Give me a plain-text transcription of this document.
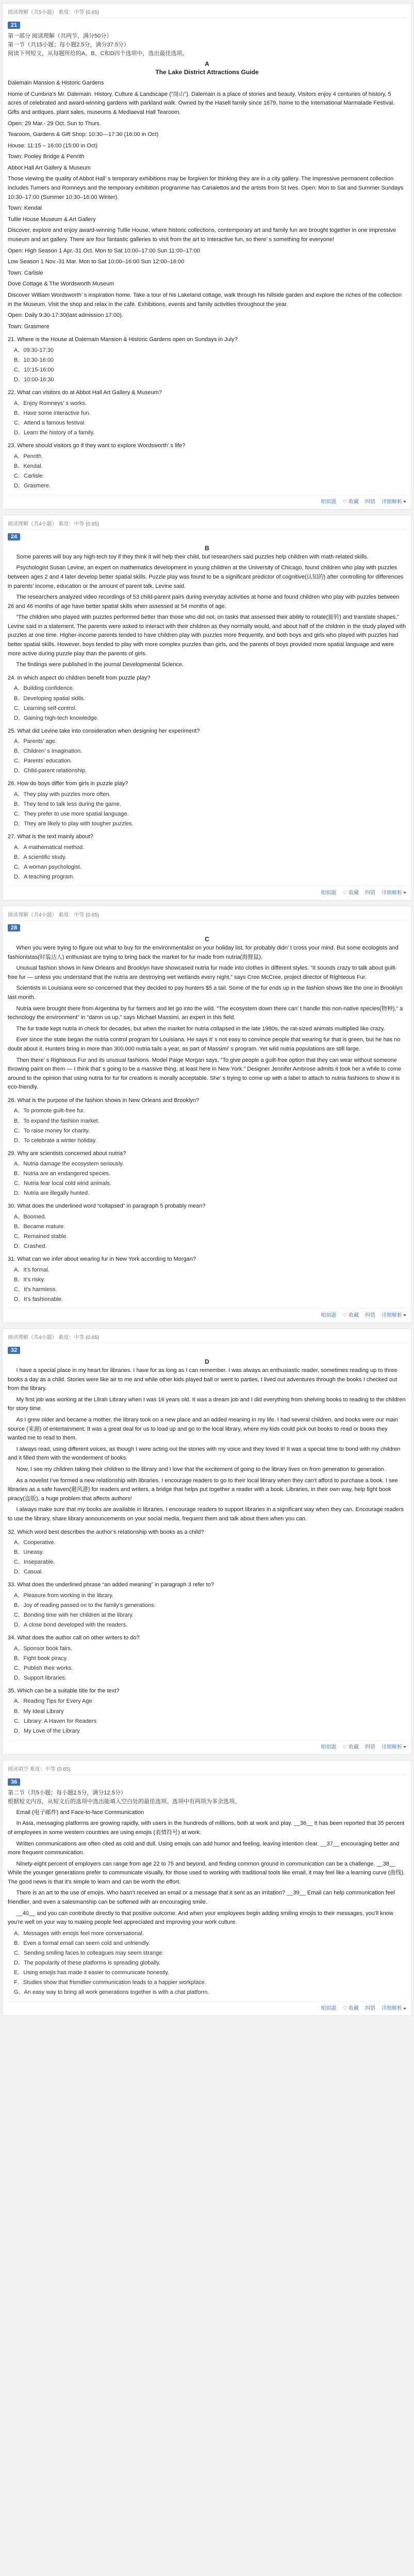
阅读理解（共5小题） 难度：中等 (0.65)
21
第一部分 阅读理解（共两节，满分50分）
第一节（共15小题；每小题2.5分，满分37.5分）
阅读下列短文，从每题所给的A、B、C和D四个选项中，选出最佳选项。
A
The Lake District Attractions Guide

Dalemain Mansion & Historic Gardens

Home of Cumbria’s Mr. Dalemain. History, Culture & Landscape (“岗山”). Dalemain is a place of stories and beauty. Visitors enjoy 4 centuries of history, 5 acres of celebrated and award-winning gardens with parkland walk. Owned by the Hasell family since 1679, home to the International Marmalade Festival. Gifts and antiques, plant sales, museums & Mediaeval Hall Tearoom.

Open: 29 Mar.- 29 Oct. Sun to Thurs.

Tearoom, Gardens & Gift Shop: 10:30—17:30 (16:00 in Oct)

House: 11:15 – 16:00 (15:00 in Oct)

Town: Pooley Bridge & Penrith

Abbot Hall Art Gallery & Museum

Those viewing the quality of Abbot Hall’ s temporary exhibitions may be forgiven for thinking they are in a city gallery. The impressive permanent collection includes Turners and Romneys and the temporary exhibition programme has Canalettos and the artists from St Ives. Open: Mon to Sat and Summer Sundays 10:30–17:00 (Summer 10:30–16:00 Winter).

Town: Kendal

Tullie House Museum & Art Gallery

Discover, explore and enjoy award-winning Tullie House, where historic collections, contemporary art and family fun are brought together in one impressive museum and art gallery. There are four fantastic galleries to visit from the art to Interactive fun, so there’ s something for everyone!

Open: High Season 1 Apr.-31 Oct. Mon to Sat 10:00–17:00 Sun 11:00–17:00

Low Season 1 Nov.-31 Mar. Mon to Sat 10:00–16:00 Sun 12:00–16:00

Town: Carlisle

Dove Cottage & The Wordsworth Museum

Discover William Wordsworth’ s inspiration home. Take a tour of his Lakeland cottage, walk through his hillside garden and explore the riches of the collection in the Museum. Visit the shop and relax in the café. Exhibitions, events and family activities throughout the year.

Open: Daily 9:30-17:30(last admission 17:00).

Town: Grasmere

21. Where is the House at Dalemain Mansion & Historic Gardens open on Sundays in July?
A．09:30-17:30
B．10:30-16:00
C．10:15-16:00
D．10:00-16:30
22. What can visitors do at Abbot Hall Art Gallery & Museum?
A．Enjoy Romneys’ s works.
B．Have some interactive fun.
C．Attend a famous festival.
D．Learn the history of a family.
23. Where should visitors go if they want to explore Wordsworth’ s life?
A．Penrith.
B．Kendal.
C．Carlisle.
D．Grasmere.
相似题 ♡ 收藏 纠错 详细解析
阅读理解（共4小题） 难度：中等 (0.65)
24
B

Some parents will buy any high-tech toy if they think it will help their child, but researchers said puzzles help children with math-related skills.

Psychologist Susan Levine, an expert on mathematics development in young children at the University of Chicago, found children who play with puzzles between ages 2 and 4 later develop better spatial skills. Puzzle play was found to be a significant predictor of cognitive(认知的) after controlling for differences in parents’ income, education or the amount of parent talk, Levine said.

The researchers analyzed video recordings of 53 child-parent pairs during everyday activities at home and found children who play with puzzles between 26 and 46 months of age have better spatial skills when assessed at 54 months of age.

“The children who played with puzzles performed better than those who did not, on tasks that assessed their ability to rotate(旋转) and translate shapes,” Levine said in a statement. The parents were asked to interact with their children as they normally would, and about half of the children in the study played with puzzles at one time. Higher-income parents tended to have children play with puzzles more frequently, and both boys and girls who played with puzzles had better spatial skills. However, boys tended to play with more complex puzzles than girls, and the parents of boys provided more spatial language and were more active during puzzle play than the parents of girls.

The findings were published in the journal Developmental Science.

24. In which aspect do children benefit from puzzle play?
A．Building confidence.
B．Developing spatial skills.
C．Learning self-control.
D．Gaining high-tech knowledge.
25. What did Levine take into consideration when designing her experiment?
A．Parents’ age.
B．Children’ s imagination.
C．Parents’ education.
D．Child-parent relationship.
26. How do boys differ from girls in puzzle play?
A．They play with puzzles more often.
B．They tend to talk less during the game.
C．They prefer to use more spatial language.
D．They are likely to play with tougher puzzles.
27. What is the text mainly about?
A．A mathematical method.
B．A scientific study.
C．A woman psychologist.
D．A teaching program.
相似题 ♡ 收藏 纠错 详细解析
阅读理解（共4小题） 难度：中等 (0.65)
28
C

When you were trying to figure out what to buy for the environmentalist on your holiday list, for probably didn’ t cross your mind. But some ecologists and fashionistas(时装达人) enthusiast are trying to bring back the market for fur made from nutria(海狸鼠).

Unusual fashion shows in New Orleans and Brooklyn have showcased nutria fur made into clothes in different styles. “It sounds crazy to talk about guilt-free fur — unless you understand that the nutria are destroying wet wetlands every night,” says Cree McCree, project director of Righteous Fur.

Scientists in Louisiana were so concerned that they decided to pay hunters $5 a tail. Some of the fur ends up in the fashion shows like the one in Brooklyn last month.

Nutria were brought there from Argentina by fur farmers and let go into the wild. “The ecosystem down there can’ t handle this non-native species(物种),” a technology the environment” in “damn us up,” says Michael Massimi, an expert in this field.

The fur trade kept nutria in check for decades, but when the market for nutria collapsed in the late 1980s, the rat-sized animals multiplied like crazy.

Ever since the state began the nutria control program for Louisiana. He says it’ s not easy to convince people that wearing fur that is green, but he has no doubt about it. Hunters bring in more than 300,000 nutria tails a year, as part of Massimi’ s program. Yet wild nutria populations are still large.

Then there’ s Righteous Fur and its unusual fashions. Model Paige Morgan says, “To give people a guilt-free option that they can wear without someone throwing paint on them — I think that’ s going to be a massive thing, at least here in New York.” Designer Jennifer Ambrose admits it took her a while to come around to the opinion that using nutria for fur for creations is morally acceptable. She’ s trying to come up with a label to attach to nutria fashions to show it is eco-friendly.

28. What is the purpose of the fashion shows in New Orleans and Brooklyn?
A．To promote guilt-free fur.
B．To expand the fashion market.
C．To raise money for charity.
D．To celebrate a winter holiday.
29. Why are scientists concerned about nutria?
A．Nutria damage the ecosystem seriously.
B．Nutria are an endangered species.
C．Nutria fear local cold wind animals.
D．Nutria are illegally hunted.
30. What does the underlined word “collapsed” in paragraph 5 probably mean?
A．Boomed.
B．Became mature.
C．Remained stable.
D．Crashed.
31. What can we infer about wearing fur in New York according to Morgan?
A．It’s formal.
B．It’s risky.
C．It’s harmless.
D．It’s fashionable.
相似题 ♡ 收藏 纠错 详细解析
阅读理解（共4小题） 难度：中等 (0.65)
32
D

I have a special place in my heart for libraries. I have for as long as I can remember. I was always an enthusiastic reader, sometimes reading up to three books a day as a child. Stories were like air to me and while other kids played ball or went to parties, I lived out adventures through the books I checked out from the library.

My first job was working at the Lilrah Library when I was 16 years old. It was a dream job and I did everything from shelving books to reading to the children for story time.

As I grew older and became a mother, the library took on a new place and an added meaning in my life. I had several children, and books were our main source (来源) of entertainment. It was a great deal for us to load up and go to the local library, where my kids could pick out books to read or books they wanted me to read to them.

I always read, using different voices, as though I were acting out the stories with my voice and they loved it! It was a special time to bond with my children and it filled them with the wonderment of books.

Now, I see my children taking their children to the library and I love that the excitement of going to the library lives on from generation to generation.

As a novelist I’ve formed a new relationship with libraries. I encourage readers to go to their local library when they can’t afford to purchase a book. I see libraries as a safe haven(避风港) for readers and writers, a bridge that helps put together a reader with a book. Libraries, in their own way, help fight book piracy(盗版), a huge problem that affects authors!

I always make sure that my books are available in libraries. I encourage readers to support libraries in a significant way when they can. Encourage readers to use the library, share library announcements on your social media, frequent them and talk about them when you can.

32. Which word best describes the author’s relationship with books as a child?
A．Cooperative.
B．Uneasy.
C．Inseparable.
D．Casual.
33. What does the underlined phrase “an added meaning” in paragraph 3 refer to?
A．Pleasure from working in the library.
B．Joy of reading passed on to the family’s generations.
C．Bonding time with her children at the library.
D．A close bond developed with the readers.
34. What does the author call on other writers to do?
A．Sponsor book fairs.
B．Fight book piracy.
C．Publish their works.
D．Support libraries.
35. Which can be a suitable title for the text?
A．Reading Tips for Every Age
B．My Ideal Library
C．Library: A Haven for Readers
D．My Love of the Library
相似题 ♡ 收藏 纠错 详细解析
阅读填空 难度：中等 (0.65)
36
第二节（共5小题；每小题2.5分，满分12.5分）
根据短文内容，从短文后的选项中选出能填入空白处的最佳选项。选项中有两项为多余选项。

Email (电子邮件) and Face-to-face Communication

In Asia, messaging platforms are growing rapidly, with users in the hundreds of millions, both at work and play. __36__ It has been reported that 35 percent of employees in some western countries are using emojis (表情符号) at work.

Written communications are often cited as cold and dull. Using emojis can add humor and feeling, leaving intention clear. __37__ encouraging better and more frequent communication.

Ninety-eight percent of employers can range from age 22 to 75 and beyond, and finding common ground in communication can be a challenge. __38__ While the younger generations prefer to communicate visually, for those used to working with traditional tools like email, it may feel like a learning curve (曲线). The good news is that it’s simple to learn and can be worth the effort.

There is an art to the use of emojis. Who hasn’t received an email or a message that it sent as an irritation? __39__ Email can help communication feel friendlier, and even a salesmanship can be softened with an encouraging smile.

__40__ and you can contribute directly to that positive outcome. And when your employees begin adding smiling emojis to their messages, you’ll know you’re well on your way to making people feel appreciated and improving your work culture.

A．Messages with emojis feel more conversational.
B．Even a formal email can seem cold and unfriendly.
C．Sending smiling faces to colleagues may seem strange.
D．The popularity of these platforms is spreading globally.
E．Using emojis has made it easier to communicate honestly.
F．Studies show that friendlier communication leads to a happier workplace.
G．An easy way to bring all work generations together is with a chat platform.
相似题 ♡ 收藏 纠错 详细解析
